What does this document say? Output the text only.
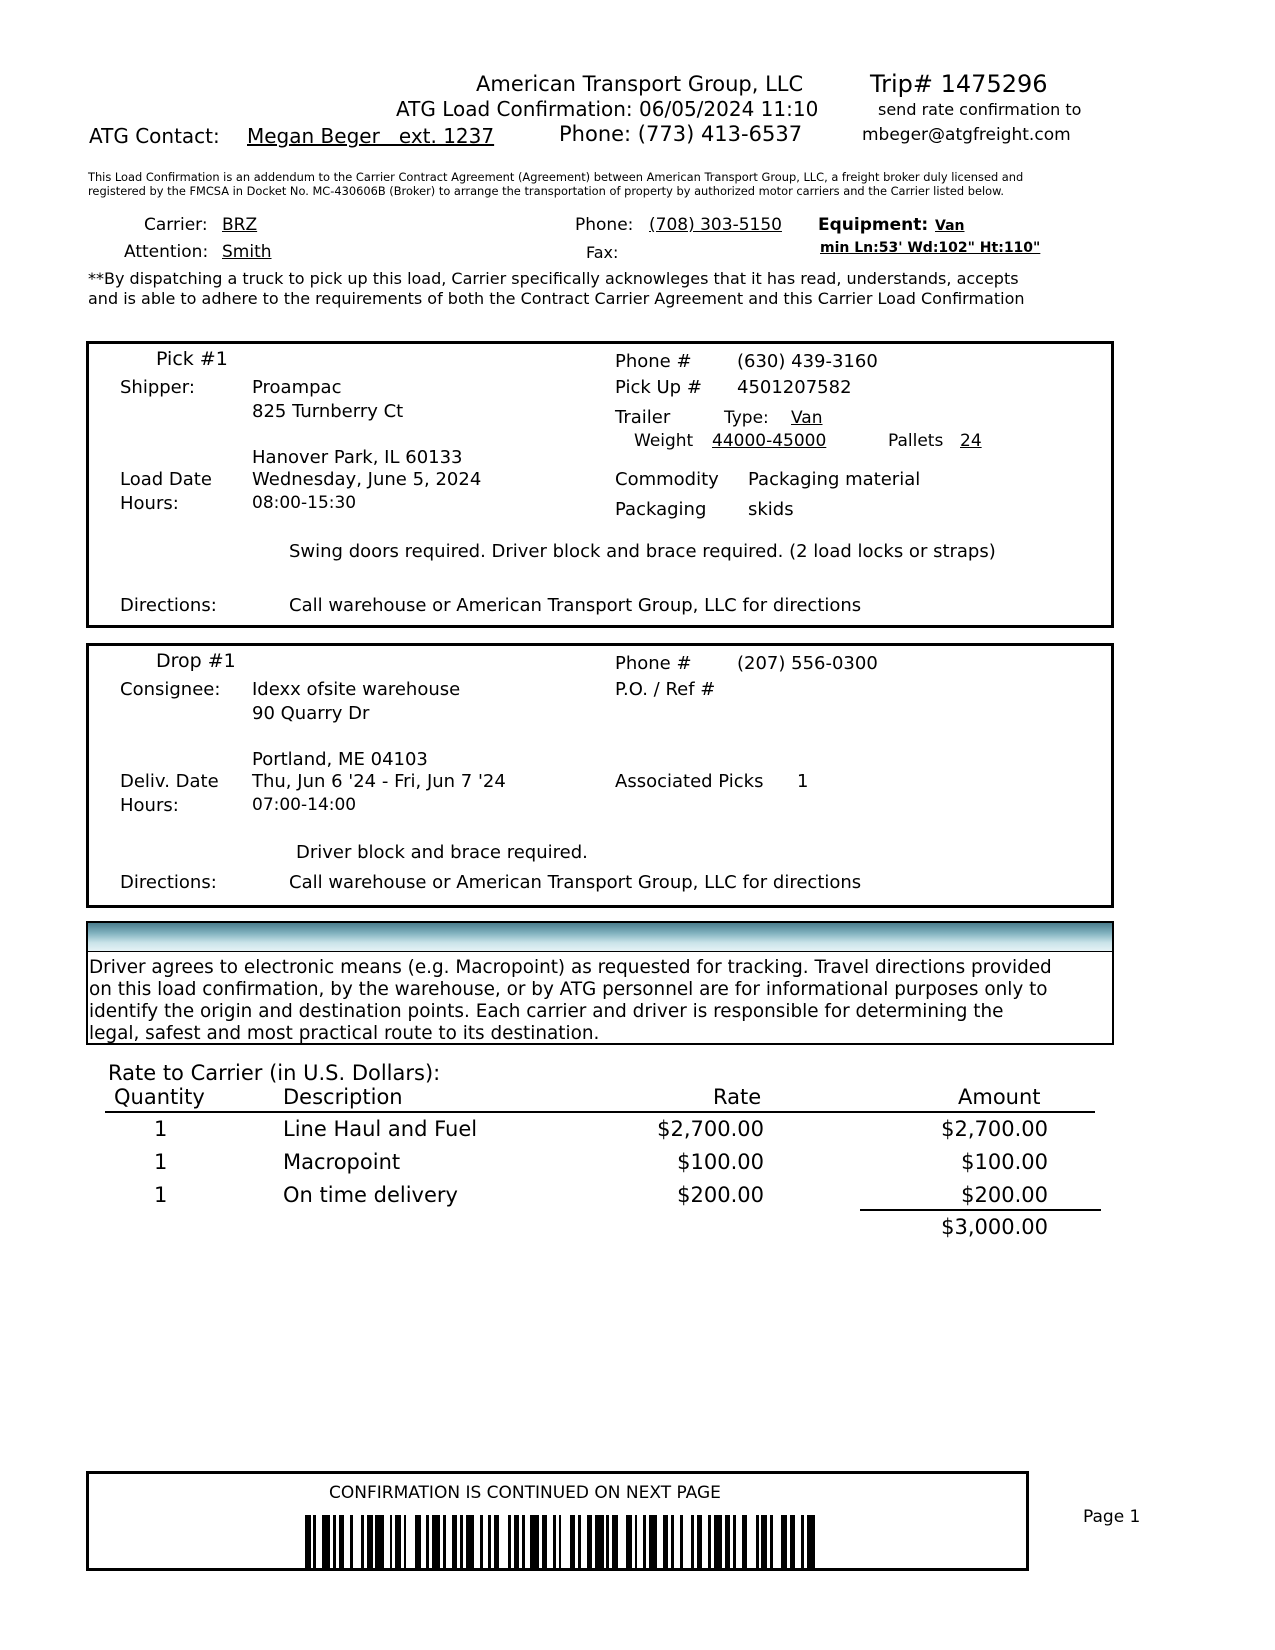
American Transport Group, LLC	Trip# 1475296
ATG Load Confirmation: 06/05/2024 11:10	send rate confirmation to
ATG Contact: Megan Beger   ext. 1237	Phone: (773) 413-6537	mbeger@atgfreight.com
This Load Confirmation is an addendum to the Carrier Contract Agreement (Agreement) between American Transport Group, LLC, a freight broker duly licensed and
registered by the FMCSA in Docket No. MC-430606B (Broker) to arrange the transportation of property by authorized motor carriers and the Carrier listed below.
Carrier: BRZ
Attention: Smith
Phone: (708) 303-5150
Fax:
Equipment: Van
min Ln:53' Wd:102" Ht:110"
**By dispatching a truck to pick up this load, Carrier specifically acknowleges that it has read, understands, accepts
and is able to adhere to the requirements of both the Contract Carrier Agreement and this Carrier Load Confirmation
Pick #1
Shipper:	Proampac
825 Turnberry Ct
Hanover Park, IL 60133
Load Date Wednesday, June 5, 2024
Hours:	08:00-15:30
Phone #	(630) 439-3160
Pick Up # 4501207582
Trailer	Type: Van
Weight 44000-45000	Pallets 24
Commodity Packaging material
Packaging skids
Swing doors required. Driver block and brace required. (2 load locks or straps)
Directions:	Call warehouse or American Transport Group, LLC for directions
Drop #1
Consignee: Idexx ofsite warehouse
90 Quarry Dr
Portland, ME 04103
Deliv. Date Thu, Jun 6 '24 - Fri, Jun 7 '24
Hours:	07:00-14:00
Phone #	(207) 556-0300
P.O. / Ref #
Associated Picks 1
Driver block and brace required.
Directions:	Call warehouse or American Transport Group, LLC for directions
Driver agrees to electronic means (e.g. Macropoint) as requested for tracking. Travel directions provided
on this load confirmation, by the warehouse, or by ATG personnel are for informational purposes only to
identify the origin and destination points. Each carrier and driver is responsible for determining the
legal, safest and most practical route to its destination.
Rate to Carrier (in U.S. Dollars):
Quantity	Description	Rate	Amount
1	Line Haul and Fuel	$2,700.00	$2,700.00
1	Macropoint	$100.00	$100.00
1	On time delivery	$200.00	$200.00
$3,000.00
CONFIRMATION IS CONTINUED ON NEXT PAGE
Page 1
